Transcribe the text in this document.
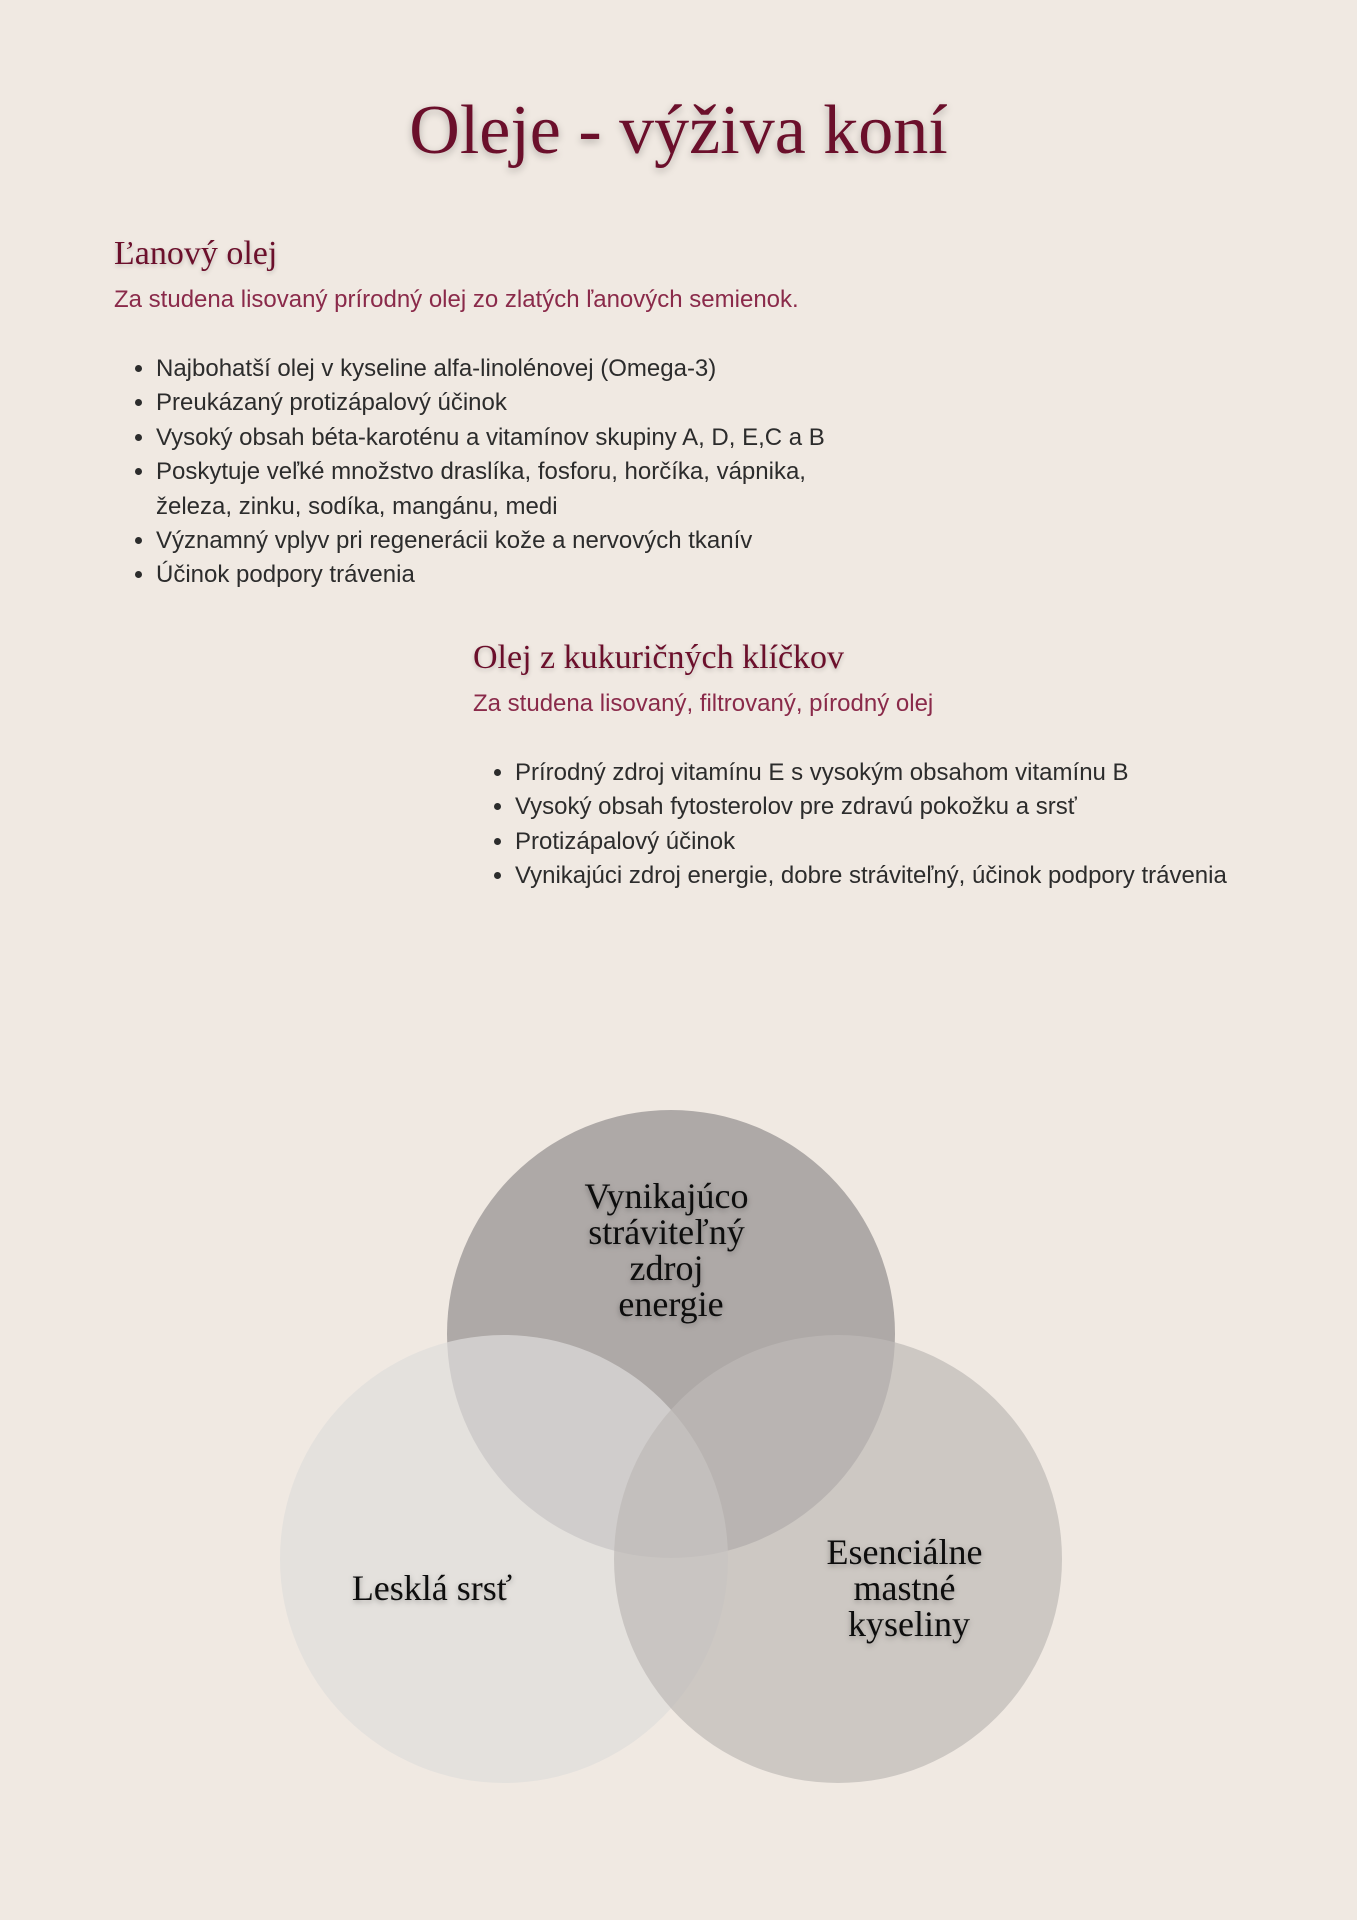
Oleje - výživa koní
Ľanový olej

Za studena lisovaný prírodný olej zo zlatých ľanových semienok.

• Najbohatší olej v kyseline alfa-linolénovej (Omega-3)
• Preukázaný protizápalový účinok
• Vysoký obsah béta-karoténu a vitamínov skupiny A, D, E,C a B
• Poskytuje veľké množstvo draslíka, fosforu, horčíka, vápnika, železa, zinku, sodíka, mangánu, medi
• Významný vplyv pri regenerácii kože a nervových tkanív
• Účinok podpory trávenia
Olej z kukuričných klíčkov

Za studena lisovaný, filtrovaný, pírodný olej

• Prírodný zdroj vitamínu E s vysokým obsahom vitamínu B
• Vysoký obsah fytosterolov pre zdravú pokožku a srsť
• Protizápalový účinok
• Vynikajúci zdroj energie, dobre stráviteľný, účinok podpory trávenia
Vynikajúco stráviteľný zdroj energie
Lesklá srsť
Esenciálne mastné kyseliny
